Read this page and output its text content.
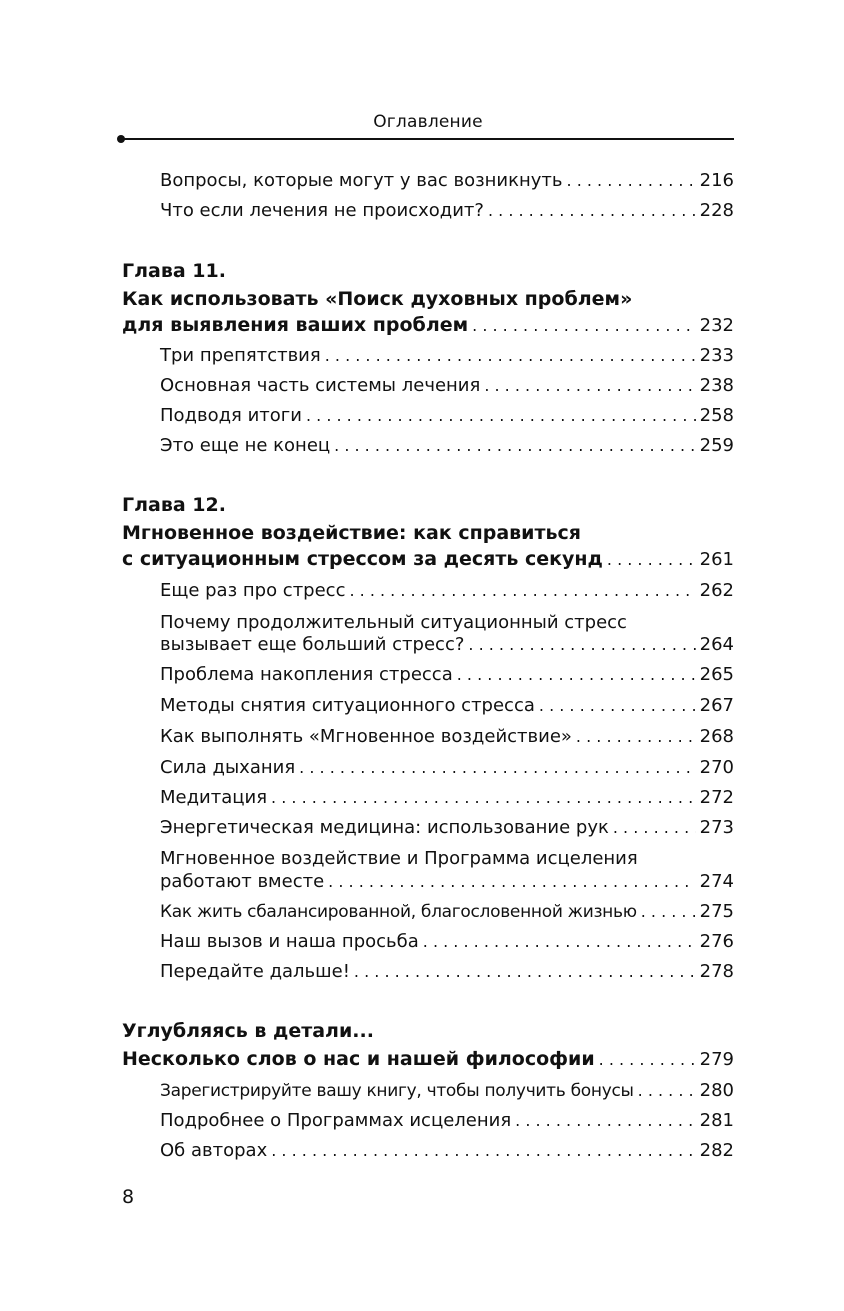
Оглавление
Вопросы, которые могут у вас возникнуть . . .	216
Что если лечения не происходит? . . .	228
Глава 11.
Как использовать «Поиск духовных проблем»
для выявления ваших проблем . . .	232
Три препятствия . . .	233
Основная часть системы лечения . . .	238
Подводя итоги . . .	258
Это еще не конец . . .	259
Глава 12.
Мгновенное воздействие: как справиться
с ситуационным стрессом за десять секунд . . .	261
Еще раз про стресс . . .	262
Почему продолжительный ситуационный стресс
вызывает еще больший стресс? . . .	264
Проблема накопления стресса . . .	265
Методы снятия ситуационного стресса . . .	267
Как выполнять «Мгновенное воздействие» . . .	268
Сила дыхания . . .	270
Медитация . . .	272
Энергетическая медицина: использование рук . . .	273
Мгновенное воздействие и Программа исцеления
работают вместе . . .	274
Как жить сбалансированной, благословенной жизнью . . .	275
Наш вызов и наша просьба . . .	276
Передайте дальше! . . .	278
Углубляясь в детали...
Несколько слов о нас и нашей философии . . .	279
Зарегистрируйте вашу книгу, чтобы получить бонусы . . .	280
Подробнее о Программах исцеления . . .	281
Об авторах . . .	282
8
